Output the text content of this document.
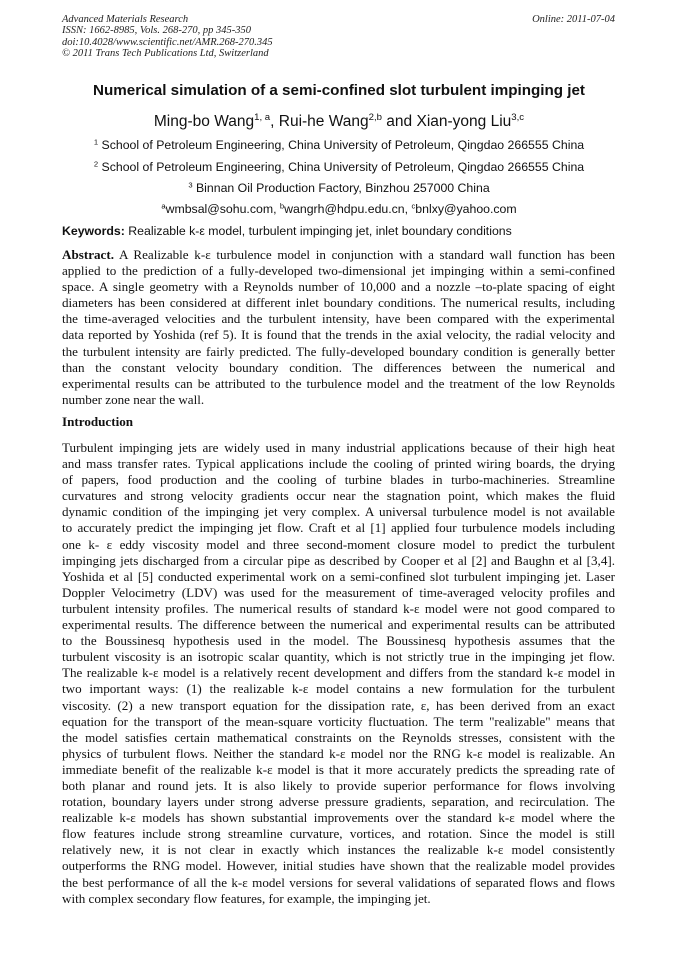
Advanced Materials Research
ISSN: 1662-8985, Vols. 268-270, pp 345-350
doi:10.4028/www.scientific.net/AMR.268-270.345
© 2011 Trans Tech Publications Ltd, Switzerland
Online: 2011-07-04
Numerical simulation of a semi-confined slot turbulent impinging jet
Ming-bo Wang$^{1, a}$, Rui-he Wang$^{2,b}$ and Xian-yong Liu$^{3,c}$
$^1$ School of Petroleum Engineering, China University of Petroleum, Qingdao 266555 China
$^2$ School of Petroleum Engineering, China University of Petroleum, Qingdao 266555 China
$^3$ Binnan Oil Production Factory, Binzhou 257000 China
$^a$wmbsal@sohu.com, $^b$wangrh@hdpu.edu.cn, $^c$bnlxy@yahoo.com
Keywords: Realizable k-ε model, turbulent impinging jet, inlet boundary conditions
Abstract. A Realizable k-ε turbulence model in conjunction with a standard wall function has been
applied to the prediction of a fully-developed two-dimensional jet impinging within a semi-confined
space. A single geometry with a Reynolds number of 10,000 and a nozzle –to-plate spacing of eight
diameters has been considered at different inlet boundary conditions. The numerical results, including
the time-averaged velocities and the turbulent intensity, have been compared with the experimental
data reported by Yoshida (ref 5). It is found that the trends in the axial velocity, the radial velocity and
the turbulent intensity are fairly predicted. The fully-developed boundary condition is generally better
than the constant velocity boundary condition. The differences between the numerical and
experimental results can be attributed to the turbulence model and the treatment of the low Reynolds
number zone near the wall.
Introduction
Turbulent impinging jets are widely used in many industrial applications because of their high heat
and mass transfer rates. Typical applications include the cooling of printed wiring boards, the drying
of papers, food production and the cooling of turbine blades in turbo-machineries. Streamline
curvatures and strong velocity gradients occur near the stagnation point, which makes the fluid
dynamic condition of the impinging jet very complex. A universal turbulence model is not available
to accurately predict the impinging jet flow. Craft et al [1] applied four turbulence models including
one k- ε eddy viscosity model and three second-moment closure model to predict the turbulent
impinging jets discharged from a circular pipe as described by Cooper et al [2] and Baughn et al [3,4].
Yoshida et al [5] conducted experimental work on a semi-confined slot turbulent impinging jet. Laser
Doppler Velocimetry (LDV) was used for the measurement of time-averaged velocity profiles and
turbulent intensity profiles. The numerical results of standard k-ε model were not good compared to
experimental results. The difference between the numerical and experimental results can be attributed
to the Boussinesq hypothesis used in the model. The Boussinesq hypothesis assumes that the
turbulent viscosity is an isotropic scalar quantity, which is not strictly true in the impinging jet flow.
The realizable k-ε model is a relatively recent development and differs from the standard k-ε model in
two important ways: (1) the realizable k-ε model contains a new formulation for the turbulent
viscosity. (2) a new transport equation for the dissipation rate, ε, has been derived from an exact
equation for the transport of the mean-square vorticity fluctuation. The term "realizable" means that
the model satisfies certain mathematical constraints on the Reynolds stresses, consistent with the
physics of turbulent flows. Neither the standard k-ε model nor the RNG k-ε model is realizable. An
immediate benefit of the realizable k-ε model is that it more accurately predicts the spreading rate of
both planar and round jets. It is also likely to provide superior performance for flows involving
rotation, boundary layers under strong adverse pressure gradients, separation, and recirculation. The
realizable k-ε models has shown substantial improvements over the standard k-ε model where the
flow features include strong streamline curvature, vortices, and rotation. Since the model is still
relatively new, it is not clear in exactly which instances the realizable k-ε model consistently
outperforms the RNG model. However, initial studies have shown that the realizable model provides
the best performance of all the k-ε model versions for several validations of separated flows and flows
with complex secondary flow features, for example, the impinging jet.
